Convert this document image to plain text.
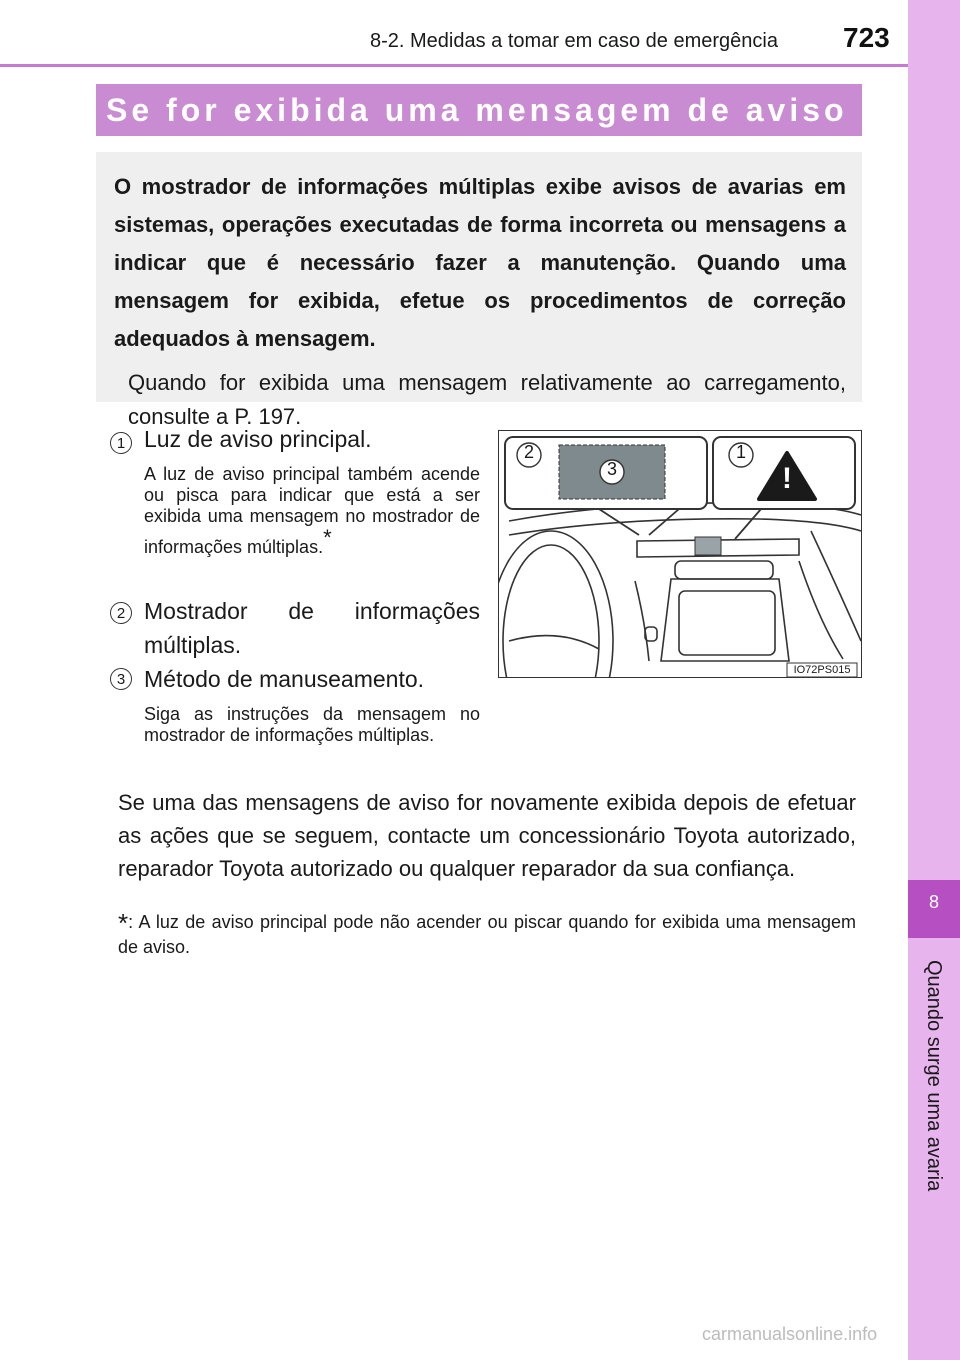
8-2. Medidas a tomar em caso de emergência 723
8
Quando surge uma avaria
Se for exibida uma mensagem de aviso

O mostrador de informações múltiplas exibe avisos de avarias em sistemas, operações executadas de forma incorreta ou mensagens a indicar que é necessário fazer a manutenção. Quando uma mensagem for exibida, efetue os procedimentos de correção adequados à mensagem.

Quando for exibida uma mensagem relativamente ao carregamento, consulte a P. 197.

1 Luz de aviso principal.
A luz de aviso principal também acende ou pisca para indicar que está a ser exibida uma mensagem no mostrador de informações múltiplas.*
2 Mostrador de informações múltiplas.
3 Método de manuseamento.
Siga as instruções da mensagem no mostrador de informações múltiplas.
2
3
1
!
IO72PS015
Se uma das mensagens de aviso for novamente exibida depois de efetuar as ações que se seguem, contacte um concessionário Toyota autorizado, reparador Toyota autorizado ou qualquer reparador da sua confiança.
*: A luz de aviso principal pode não acender ou piscar quando for exibida uma mensagem de aviso.
carmanualsonline.info
